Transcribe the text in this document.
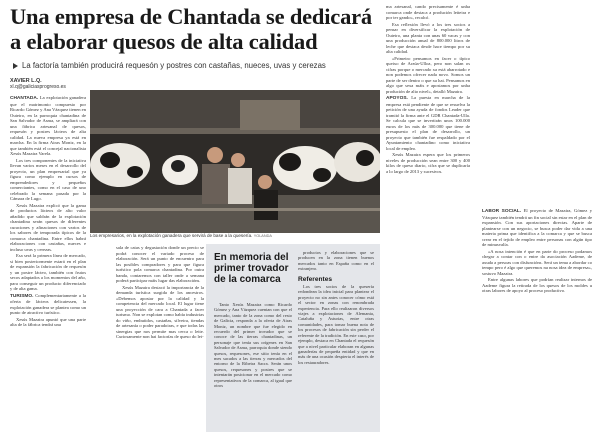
Una empresa de Chantada se dedicará
a elaborar quesos de alta calidad
La factoría también producirá requesón y postres con castañas, nueces, uvas y cerezas
XAVIER L.Q.
xl.q@galiciasprogreso.es

CHANTADA. La explotación ganadera que el matrimonio compuesto por Ricardo Gómez y Ana Vázquez tienen en Outeiro, en la parroquia chantadina de San Salvador de Asma, se ampliará con una fábrica artesanal de quesos, requesón y postres lácteos de alta calidad. La nueva empresa ya está en marcha. En la firma Airas Moniz, en la que también está el concejal nacionalista Xesús Mazaira Varela.

Los tres componentes de la iniciativa llevan varios meses en el desarrollo del proyecto, un plan empresarial que ya figura como ejemplo en cursos de emprendedores y pequeños comerciantes, como en el caso de uno celebrado la semana pasada por la Cámara de Lugo.

Xesús Mazaira explicó que la gama de productos lácteos de alto valor añadido que saldrán de la explotación chantadina serán quesos de diferentes curaciones y afinaciones con varios de los sabores de temporada típicos de la comarca chantadina. Entre ellos habrá elaboraciones con castañas, nueces e incluso uvas y cerezas.

Esa será la primera línea de mercado, si bien posteriormente estará en el plan de expansión la fabricación de requesón y un postre lácteo, también con frutos secos adaptados a los momentos del año, para conseguir un producto diferenciado y de alta gama.

TURISMO. Complementariamente a la oferta de lácteos delicatessen, la explotación ganadera se plantea como un punto de atractivo turístico.

Xesús Mazaira apuntó que una parte alta de la fábrica tendrá una

Los empresarios, en la explotación ganadera que servirá de base a la quesería. YOLANDA

sala de catas y degustación donde un precio se podrá conocer el variado proceso de elaboración. Será un punto de encuentro para las posibles compradores y para que figura turístico pola comarca chantadina. Por outra banda, contaremos con taller onde a semana poderá participar máis lugar das elaboracións.

Xesús Mazaira destacó la importancia de la demanda turística surgida de los ancestros. «Debemos apostar por la calidad y la competencia del mercado local. El lugar tiene una proyección de cara a Chantada a facer turismo. Non se explotan como había industrias do viño, embutidos, castañas, silveira, tiendas de artesanía o poder paradoiras, e que todas las sinergias que nos permite mas cerca o leite. Curiosamente non hai factorías de queso do lei-

En memoria del primer trovador de la comarca

Tanto Xesús Mazaira como Ricardo Gómez y Ana Vázquez cuentan con que el mercado, tanto de la zona como del resto de Galicia, responda a la oferta de Airas Moniz, un nombre que fue elegido en recuerdo del primer trovador que se conoce de las tierras chantadinas, un personaje que tenía sus orígenes en San Salvador de Asma, parroquia donde siendo quesos, requesones, ese sitio tenía en el mes sacados a las tierras y mercados del entorno de la Ribeira Sacra. Serán unos quesos, requesones y postres que se intentarán posicionar en el mercado como representativos de la comarca, al igual que otros

productos y elaboraciones que se producen en la zona tienen buenos mercados tanto en España como en el extranjero.

Referentes

Los tres socios de la quesería redondean la idea inicial para plantear el proyecto no sin antes conocer cómo está el sector en zonas con renombrada experiencia. Para ello realizaron diversos viajes a explotaciones de Alemania, Cataluña y Asturias, entre otras comunidades, para tomar buena nota de los procesos de fabricación sin perder el referente de la tradición. En este caso, por ejemplo, destaca en Chantada el requesón que a nivel particular elaboran en algunas ganaderías de pequeña entidad y que en más de una ocasión despierta el interés de los restauradores.

ma artesanal, cando precisamente é unha comarca onde destaca a produción leiteira e por ter gando», recalcó.

Esa reflexión llevó a los tres socios a pensar en diversificar la explotación de Outeiro, una planta con unas 60 vacas y con una producción anual de 800.000 litros de leche que destaca desde hace tiempo por su alta calidad.

«Primeiro pensamos en facer o típico queixo de Arzúa-Ulloa, pero non salan os cifras porque o mercado xa está abarrotado e non podemos ofrecer nada novo. Somos un parte de ser dentro o que xa hai. Pensamos en algo que sexa máis e apostamos por unha produción de alto nivel», detalló Mazaira.

APOYOS. La puesta en marcha de la empresa está pendiente de que se resuelva la petición de una ayuda de fondos Leader que tramitó la firma ante el GDR Chantada-Ulla. Se calcula que se invertirán unos 100.000 euros de los más de 300.000 que tiene de presupuesto el plan de desarrollo, un proyecto que también fue respaldado por el Ayuntamiento chantadino como iniciativa local de empleo.

Xesús Mazaira espera que los primeros niveles de producción sean entre 300 y 400 kilos de queso diario, cifra que se duplicaría a lo largo de 2013 y sucesivos.

LABOR SOCIAL. El proyecto de Mazaira, Gómez y Vázquez también tendrá un fin social sin estar en el plan de expansión. Con sus aportaciones directas. Aparte de plantearse con un negocio, se busca poder dar vida a una materia prima que identifica a la comarca y que se busca crear en el tejido de empleo entre personas con algún tipo de minusvalía.

«A nosa intención é que en parte do proceso podamos chegar a contar con o entre da asociación Aademe, de axuda a persoas con disfuncións. Será un tema a abordar co tempo pero é algo que queremos na nosa idea de empresa», sostuvo Mazaira.

Entre algunas labores que podrían realizar internos de Aademe figura la retirada de los quesos de los moldes u otras labores de apoyo al proceso productivo.
